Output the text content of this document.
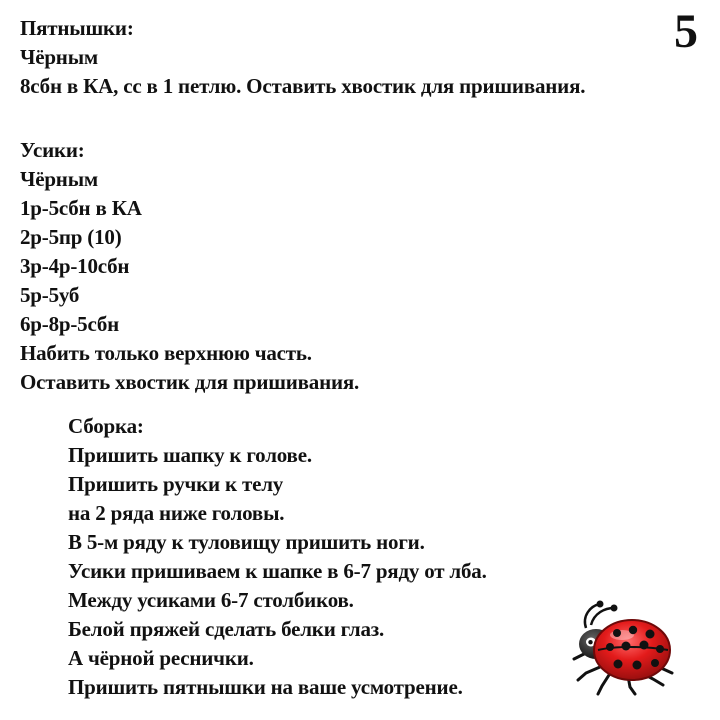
5
Пятнышки:
Чёрным
8сбн в КА, сс в 1 петлю. Оставить хвостик для пришивания.
Усики:
Чёрным
1р-5сбн в КА
2р-5пр (10)
3р-4р-10сбн
5р-5уб
6р-8р-5сбн
Набить только верхнюю часть.
Оставить хвостик для пришивания.
Сборка:
Пришить шапку к голове.
Пришить ручки к телу
на 2 ряда ниже головы.
В 5-м ряду к туловищу пришить ноги.
Усики пришиваем к шапке в 6-7 ряду от лба.
Между усиками 6-7 столбиков.
Белой пряжей сделать белки глаз.
А чёрной реснички.
Пришить пятнышки на ваше усмотрение.
